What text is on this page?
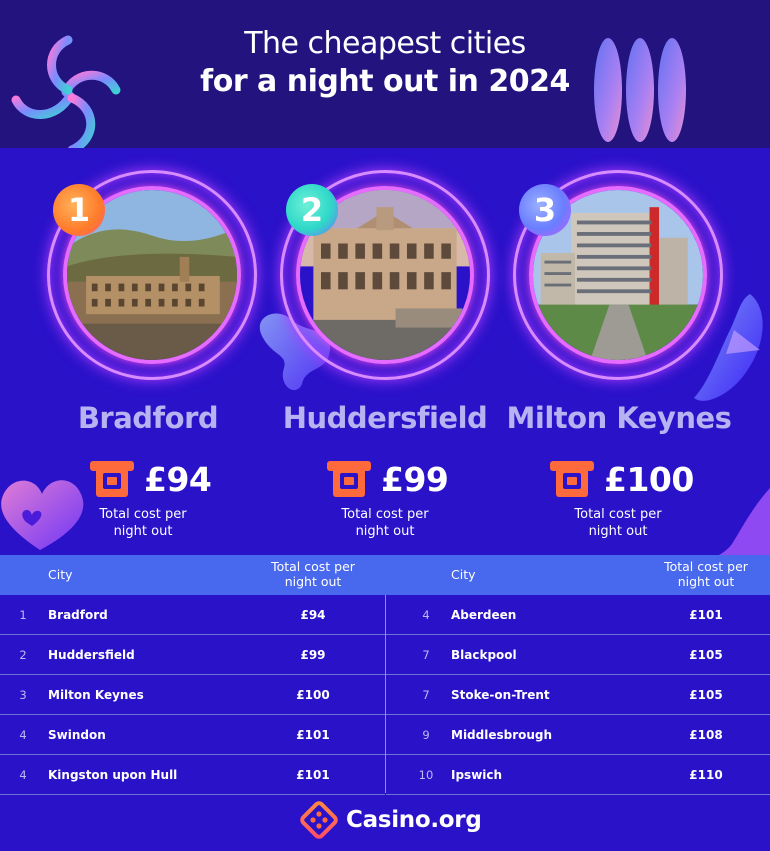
The cheapest cities
for a night out in 2024
1	2	3
Bradford	Huddersfield Milton Keynes
£94	£99	£100
Total cost per
night out
Total cost per
night out
Total cost per
night out
City
Total cost per
night out	City
Total cost per
night out
1	Bradford	£94
2	Huddersfield	£99
3	Milton Keynes	£100
4	Swindon	£101
4	Kingston upon Hull	£101
4	Aberdeen	£101
7	Blackpool	£105
7	Stoke-on-Trent	£105
9	Middlesbrough	£108
10	Ipswich	£110
Casino.org
